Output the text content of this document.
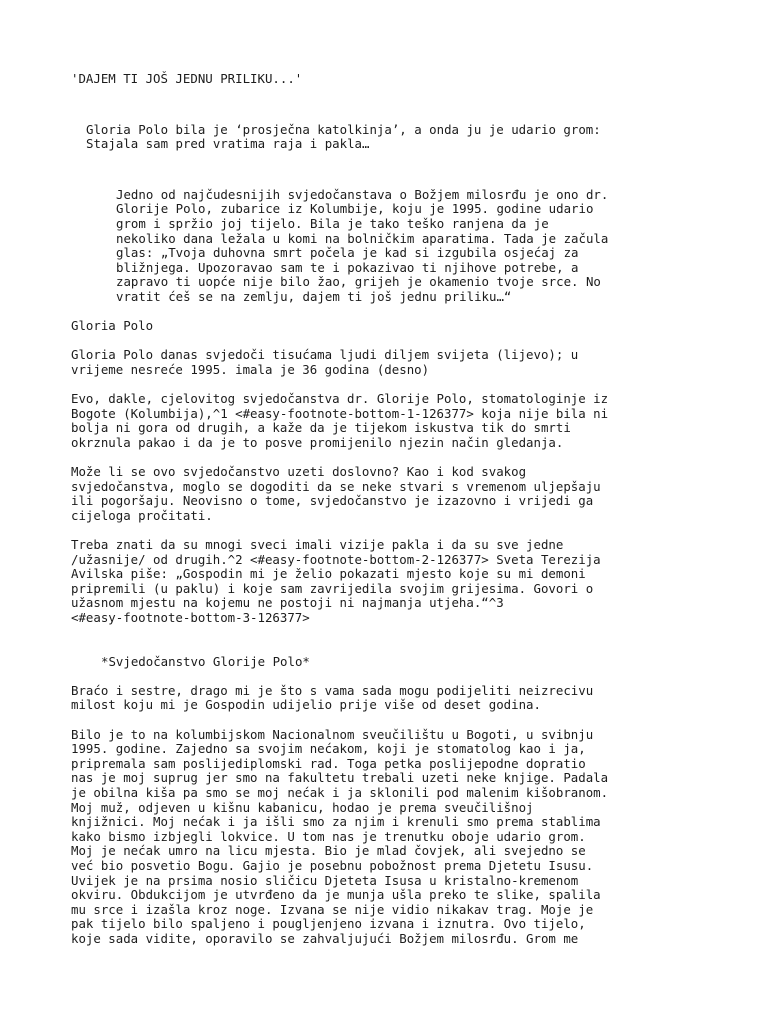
'DAJEM TI JOŠ JEDNU PRILIKU...'
Gloria Polo bila je ‘prosječna katolkinja’, a onda ju je udario grom:
Stajala sam pred vratima raja i pakla…
Jedno od najčudesnijih svjedočanstava o Božjem milosrđu je ono dr.
Glorije Polo, zubarice iz Kolumbije, koju je 1995. godine udario
grom i spržio joj tijelo. Bila je tako teško ranjena da je
nekoliko dana ležala u komi na bolničkim aparatima. Tada je začula
glas: „Tvoja duhovna smrt počela je kad si izgubila osjećaj za
bližnjega. Upozoravao sam te i pokazivao ti njihove potrebe, a
zapravo ti uopće nije bilo žao, grijeh je okamenio tvoje srce. No
vratit ćeš se na zemlju, dajem ti još jednu priliku…“
Gloria Polo
Gloria Polo danas svjedoči tisućama ljudi diljem svijeta (lijevo); u
vrijeme nesreće 1995. imala je 36 godina (desno)
Evo, dakle, cjelovitog svjedočanstva dr. Glorije Polo, stomatologinje iz
Bogote (Kolumbija),^1 <#easy-footnote-bottom-1-126377> koja nije bila ni
bolja ni gora od drugih, a kaže da je tijekom iskustva tik do smrti
okrznula pakao i da je to posve promijenilo njezin način gledanja.
Može li se ovo svjedočanstvo uzeti doslovno? Kao i kod svakog
svjedočanstva, moglo se dogoditi da se neke stvari s vremenom uljepšaju
ili pogoršaju. Neovisno o tome, svjedočanstvo je izazovno i vrijedi ga
cijeloga pročitati.
Treba znati da su mnogi sveci imali vizije pakla i da su sve jedne
/užasnije/ od drugih.^2 <#easy-footnote-bottom-2-126377> Sveta Terezija
Avilska piše: „Gospodin mi je želio pokazati mjesto koje su mi demoni
pripremili (u paklu) i koje sam zavrijedila svojim grijesima. Govori o
užasnom mjestu na kojemu ne postoji ni najmanja utjeha.“^3
<#easy-footnote-bottom-3-126377>
*Svjedočanstvo Glorije Polo*
Braćo i sestre, drago mi je što s vama sada mogu podijeliti neizrecivu
milost koju mi je Gospodin udijelio prije više od deset godina.
Bilo je to na kolumbijskom Nacionalnom sveučilištu u Bogoti, u svibnju
1995. godine. Zajedno sa svojim nećakom, koji je stomatolog kao i ja,
pripremala sam poslijediplomski rad. Toga petka poslijepodne dopratio
nas je moj suprug jer smo na fakultetu trebali uzeti neke knjige. Padala
je obilna kiša pa smo se moj nećak i ja sklonili pod malenim kišobranom.
Moj muž, odjeven u kišnu kabanicu, hodao je prema sveučilišnoj
knjižnici. Moj nećak i ja išli smo za njim i krenuli smo prema stablima
kako bismo izbjegli lokvice. U tom nas je trenutku oboje udario grom.
Moj je nećak umro na licu mjesta. Bio je mlad čovjek, ali svejedno se
već bio posvetio Bogu. Gajio je posebnu pobožnost prema Djetetu Isusu.
Uvijek je na prsima nosio sličicu Djeteta Isusa u kristalno-kremenom
okviru. Obdukcijom je utvrđeno da je munja ušla preko te slike, spalila
mu srce i izašla kroz noge. Izvana se nije vidio nikakav trag. Moje je
pak tijelo bilo spaljeno i pougljenjeno izvana i iznutra. Ovo tijelo,
koje sada vidite, oporavilo se zahvaljujući Božjem milosrđu. Grom me
